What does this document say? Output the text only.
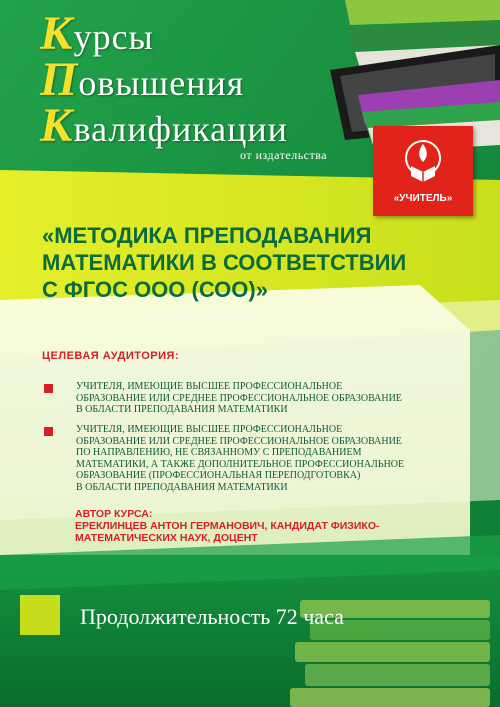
Курсы
Повышения
Квалификации
от издательства
«УЧИТЕЛЬ»
«МЕТОДИКА ПРЕПОДАВАНИЯ
МАТЕМАТИКИ В СООТВЕТСТВИИ
С ФГОС ООО (СОО)»
ЦЕЛЕВАЯ АУДИТОРИЯ:
УЧИТЕЛЯ, ИМЕЮЩИЕ ВЫСШЕЕ ПРОФЕССИОНАЛЬНОЕ
ОБРАЗОВАНИЕ ИЛИ СРЕДНЕЕ ПРОФЕССИОНАЛЬНОЕ ОБРАЗОВАНИЕ
В ОБЛАСТИ ПРЕПОДАВАНИЯ МАТЕМАТИКИ
УЧИТЕЛЯ, ИМЕЮЩИЕ ВЫСШЕЕ ПРОФЕССИОНАЛЬНОЕ
ОБРАЗОВАНИЕ ИЛИ СРЕДНЕЕ ПРОФЕССИОНАЛЬНОЕ ОБРАЗОВАНИЕ
ПО НАПРАВЛЕНИЮ, НЕ СВЯЗАННОМУ С ПРЕПОДАВАНИЕМ
МАТЕМАТИКИ, А ТАКЖЕ ДОПОЛНИТЕЛЬНОЕ ПРОФЕССИОНАЛЬНОЕ
ОБРАЗОВАНИЕ (ПРОФЕССИОНАЛЬНАЯ ПЕРЕПОДГОТОВКА)
В ОБЛАСТИ ПРЕПОДАВАНИЯ МАТЕМАТИКИ
АВТОР КУРСА:
ЕРЕКЛИНЦЕВ АНТОН ГЕРМАНОВИЧ, КАНДИДАТ ФИЗИКО-
МАТЕМАТИЧЕСКИХ НАУК, ДОЦЕНТ
Продолжительность 72 часа
